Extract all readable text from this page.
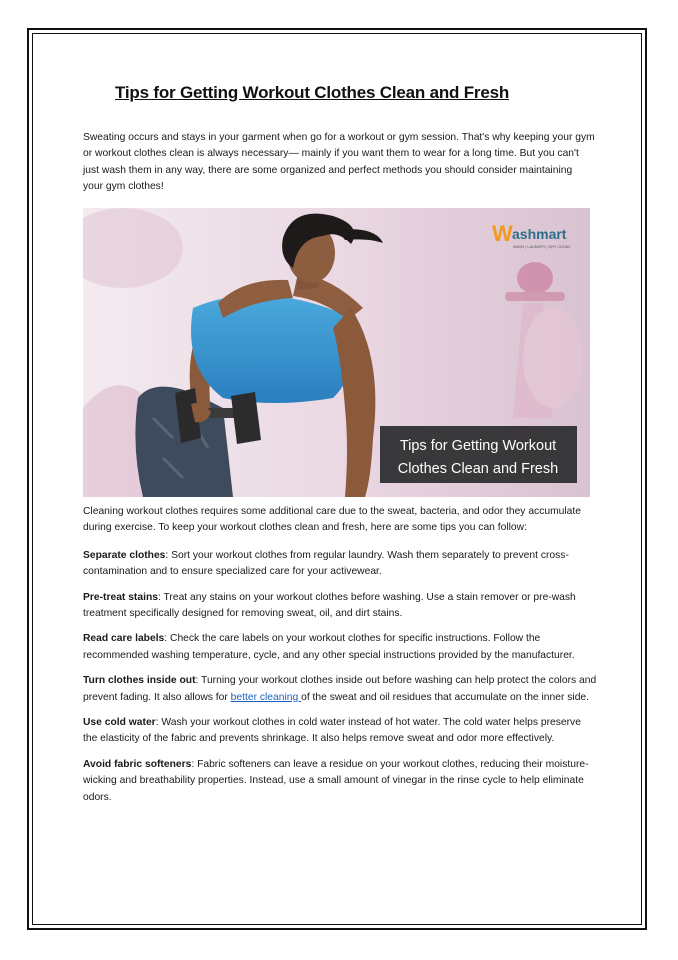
Tips for Getting Workout Clothes Clean and Fresh
Sweating occurs and stays in your garment when go for a workout or gym session. That's why keeping your gym or workout clothes clean is always necessary— mainly if you want them to wear for a long time. But you can't just wash them in any way, there are some organized and perfect methods you should consider maintaining your gym clothes!
W ashmart
WASH | LAUNDRY | DRY CLEAN
Tips for Getting Workout
Clothes Clean and Fresh

Cleaning workout clothes requires some additional care due to the sweat, bacteria, and odor they accumulate during exercise. To keep your workout clothes clean and fresh, here are some tips you can follow:

Separate clothes: Sort your workout clothes from regular laundry. Wash them separately to prevent cross-contamination and to ensure specialized care for your activewear.

Pre-treat stains: Treat any stains on your workout clothes before washing. Use a stain remover or pre-wash treatment specifically designed for removing sweat, oil, and dirt stains.

Read care labels: Check the care labels on your workout clothes for specific instructions. Follow the recommended washing temperature, cycle, and any other special instructions provided by the manufacturer.

Turn clothes inside out: Turning your workout clothes inside out before washing can help protect the colors and prevent fading. It also allows for better cleaning of the sweat and oil residues that accumulate on the inner side.

Use cold water: Wash your workout clothes in cold water instead of hot water. The cold water helps preserve the elasticity of the fabric and prevents shrinkage. It also helps remove sweat and odor more effectively.

Avoid fabric softeners: Fabric softeners can leave a residue on your workout clothes, reducing their moisture-wicking and breathability properties. Instead, use a small amount of vinegar in the rinse cycle to help eliminate odors.
